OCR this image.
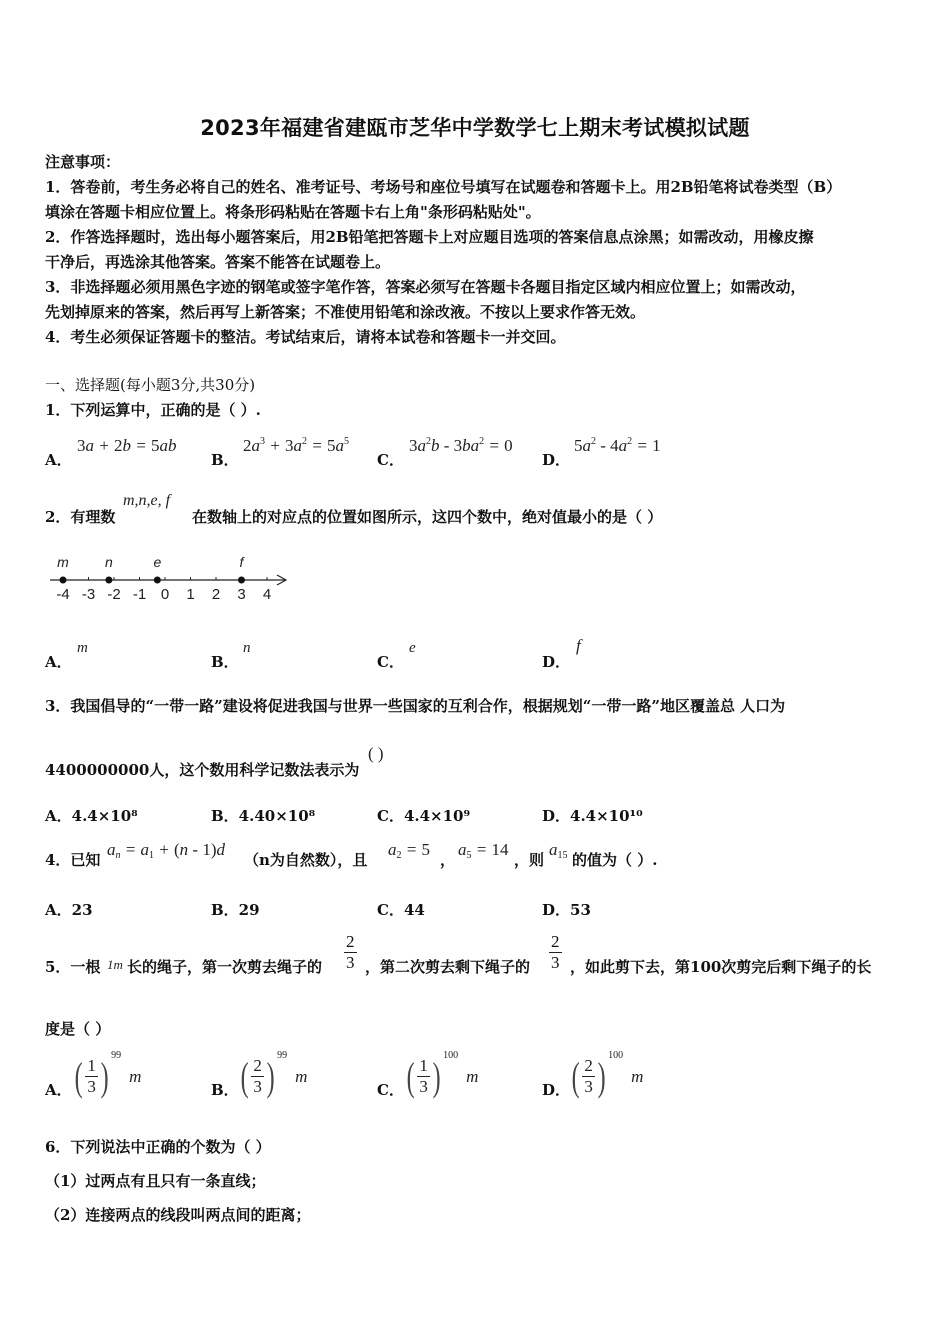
2023年福建省建瓯市芝华中学数学七上期末考试模拟试题
注意事项：
1．答卷前，考生务必将自己的姓名、准考证号、考场号和座位号填写在试题卷和答题卡上。用2B铅笔将试卷类型（B）
填涂在答题卡相应位置上。将条形码粘贴在答题卡右上角"条形码粘贴处"。
2．作答选择题时，选出每小题答案后，用2B铅笔把答题卡上对应题目选项的答案信息点涂黑；如需改动，用橡皮擦
干净后，再选涂其他答案。答案不能答在试题卷上。
3．非选择题必须用黑色字迹的钢笔或签字笔作答，答案必须写在答题卡各题目指定区域内相应位置上；如需改动，
先划掉原来的答案，然后再写上新答案；不准使用铅笔和涂改液。不按以上要求作答无效。
4．考生必须保证答题卡的整洁。考试结束后，请将本试卷和答题卡一并交回。
一、选择题(每小题3分,共30分)
1．下列运算中，正确的是（ ）.
A．
3a + 2b = 5ab
B．
$2a^3 + 3a^2 = 5a^5$
C．
$3a^2b - 3ba^2 = 0$
D．
$5a^2 - 4a^2 = 1$
2．有理数
m,n,e, f
在数轴上的对应点的位置如图所示，这四个数中，绝对值最小的是（ ）
-4 -3 -2 -1 0 1 2 3 4
m	n	e	f
A．
m
B．
n
C．
e
D．
f
3．我国倡导的“一带一路”建设将促进我国与世界一些国家的互利合作，根据规划“一带一路”地区覆盖总 人口为
4400000000人，这个数用科学记数法表示为
( )
A．4.4×10⁸	B．4.40×10⁸	C．4.4×10⁹	D．4.4×10¹⁰
4．已知
$a_n = a_1 + (n - 1)d$
（n为自然数），且
$a_2 = 5$
，
$a_5 = 14$
，则
$a_{15}$ 的值为（ ）.
A．23	B．29	C．44	D．53
5．一根 1m 长的绳子，第一次剪去绳子的 $\frac{2}{3}$ ，第二次剪去剩下绳子的 $\frac{2}{3}$ ，如此剪下去，第100次剪完后剩下绳子的长
度是（ ）
A． ( $\frac{1}{3}$ ) 99
m
B． ( $\frac{2}{3}$ ) 99
m
C． ( $\frac{1}{3}$ ) 100
m
D． ( $\frac{2}{3}$ ) 100
m
6．下列说法中正确的个数为（ ）
（1）过两点有且只有一条直线；
（2）连接两点的线段叫两点间的距离；
